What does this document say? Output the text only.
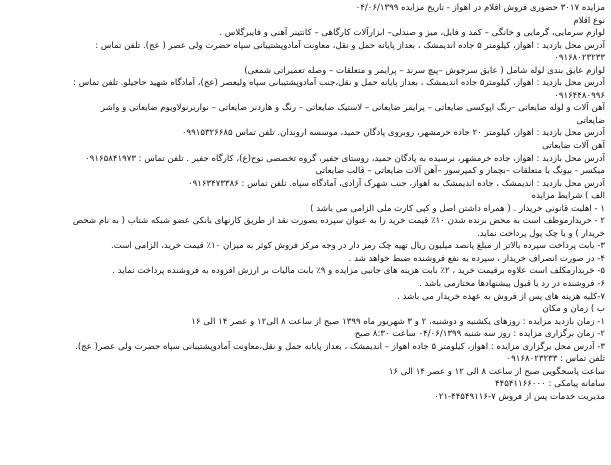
مزایده ۳۰۱۷ حضوری فروش اقلام در اهواز - تاریخ مزایده ۰۴/۰۶/۱۳۹۹
نوع اقلام
لوازم سرمایی، گرمایی و خانگی – کمد و فایل، میز و صندلی– ابزارآلات کارگاهی – کانتینر آهنی و فایبرگلاس .
آدرس محل بازدید : اهواز، کیلومتر ۵ جاده اندیمشک ، بعداز پایانه حمل و نقل، معاونت آمادوپشتیبانی سپاه حضرت ولی عصر ( عج). تلفن تماس :
۰۹۱۶۸۰۲۳۲۳۳
لوازم عایق بندی لوله شامل ( عایق سرجوش –پیچ سرند – پرایمر و متعلقات – وصله تعمیراتی شمعی)
آدرس محل بازدید : اهواز، کیلومتر۵ جاده اندیمشک ، بعداز پایانه حمل و نقل،جنب آمادوپشتیبانی سپاه ولیعصر (عج)، آمادگاه شهید حاجیلو. تلفن تماس :
۰۹۱۶۴۴۸۰۹۹۶
آهن آلات و لوله ضایعاتی –رنگ اپوکسی ضایعاتی – پرایمر ضایعاتی – لاستیک ضایعاتی – رنگ و هاردنر ضایعاتی – نواربرنولاویوم ضایعاتی و واشر
ضایعاتی
آدرس محل بازدید : اهواز، کیلومتر ۲۰ جاده خرمشهر، روبروی پادگان حمید، موسسه اروندان. تلفن تماس ۰۹۹۱۵۳۲۶۶۸۵
آهن آلات ضایعاتی
آدرس محل بازدید : اهواز، جاده خرمشهر، نرسیده به پادگان حمید، روستای جفیر، گروه تخصصی نوح(ع)، کارگاه جفیر . تلفن تماس : ۰۹۱۶۵۸۴۱۹۷۳
میکسر - بیونگ با متعلقات –بچمار و کمپرسور –آهن آلات ضایعاتی – قالب ضایعاتی
آدرس محل بازدید : اندیمشک ، جاده اندیمشک به اهواز، جنب شهرک آزادی، آمادگاه سپاه. تلفن تماس : ۰۹۱۶۳۴۷۳۳۸۶
الف ) شرایط مزایده
۱ - اهلیت قانونی خریدار . ( همراه داشتن اصل و کپی کارت ملی الزامی می باشد )
۲ - خریدارموظف است به محض برنده شدن ۱۰٪ قیمت خرید را به عنوان سپرده بصورت نقد از طریق کارتهای بانکی عضو شبکه شتاب ( به نام شخص
خریدار ) و یا چک پول پرداخت نماید.
۳- بابت پرداخت سپرده بالاتر از مبلغ پانصد میلیون ریال تهیه چک رمز دار در وجه مرکز فروش کوثر به میزان ۱۰٪ قیمت خرید، الزامی است.
۴- در صورت انصراف خریدار ، سپرده به نفع فروشنده ضبط خواهد شد .
۵- خریدارمکلف است علاوه برقیمت خرید ، ۲٪ بابت هزینه های جانبی مزایده و ۹٪ بابت مالیات بر ارزش افزوده به فروشنده پرداخت نماید .
۶- فروشنده در رد یا قبول پیشنهادها مختارمی باشد .
۷-کلیه هزینه های پس از فروش به عهده خریدار می باشد .
ب ) زمان و مکان
۱- زمان بازدید مزایده : روزهای یکشنبه و دوشنبه، ۲ و ۳ شهریور ماه ۱۳۹۹ صبح از ساعت ۸ الی۱۲ و عصر ۱۴ الی ۱۶
۲- زمان برگزاری مزایده : روز سه شنبه ۰۴/۰۶/۱۳۹۹ ساعت ۸:۳۰ صبح
۳- آدرس محل برگزاری مزایده : اهواز، کیلومتر ۵ جاده اهواز – اندیمشک ، بعداز پایانه حمل و نقل،معاونت آمادوپشتیبانی سپاه حضرت ولی عصر( عج).
تلفن تماس : ۰۹۱۶۸۰۲۳۲۳۳
ساعت پاسخگویی صبح از ساعت ۸ الی ۱۲ و عصر ۱۴ الی ۱۶
سامانه پیامکی : ۴۴۵۴۱۱۶۶۰۰۰
مدیریت خدمات پس از فروش ۷-۴۴۵۴۹۱۱۶-۰۲۱
